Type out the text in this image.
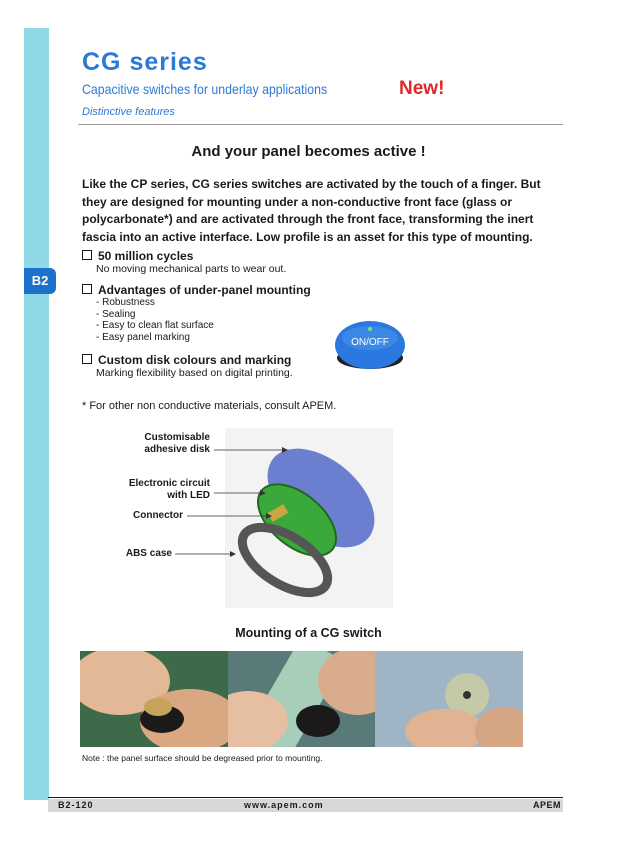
B2
CG series
Capacitive switches for underlay applications	New!
Distinctive features
And your panel becomes active !
Like the CP series, CG series switches are activated by the touch of a finger. But they are designed for mounting under a non-conductive front face (glass or polycarbonate*) and are activated through the front face, transforming the inert fascia into an active interface. Low profile is an asset for this type of mounting.
50 million cycles
No moving mechanical parts to wear out.
Advantages of under-panel mounting
- Robustness
- Sealing
- Easy to clean flat surface
- Easy panel marking
Custom disk colours and marking
Marking flexibility based on digital printing.
ON/OFF
* For other non conductive materials, consult APEM.
Customisable
adhesive disk
Electronic circuit
with LED
Connector
ABS case
Mounting of a CG switch
Note : the panel surface should be degreased prior to mounting.
B2-120	www.apem.com	APEM
